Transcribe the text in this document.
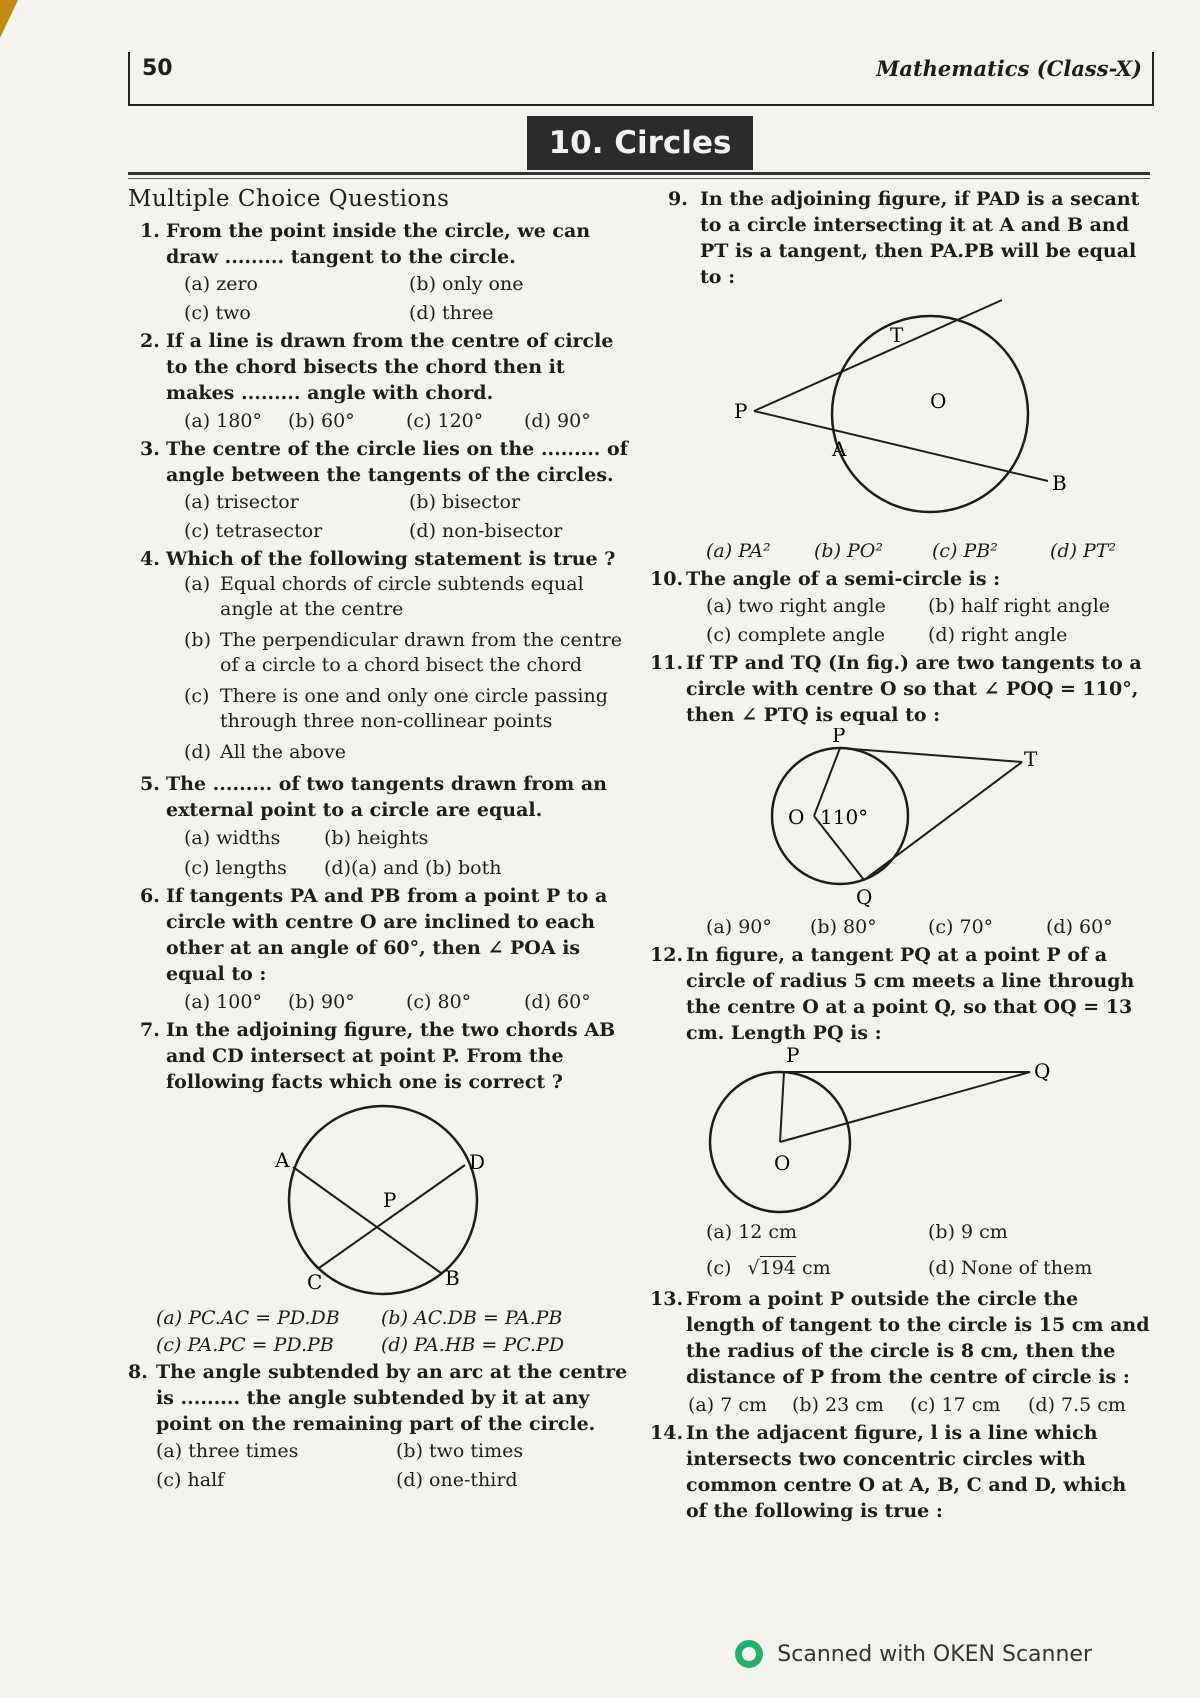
50	Mathematics (Class-X)
10. Circles
Multiple Choice Questions
1. From the point inside the circle, we can draw ......... tangent to the circle.
(a) zero	(b) only one
(c) two	(d) three
2. If a line is drawn from the centre of circle to the chord bisects the chord then it makes ......... angle with chord.
(a) 180°	(b) 60°	(c) 120°	(d) 90°
3. The centre of the circle lies on the ......... of angle between the tangents of the circles.
(a) trisector	(b) bisector
(c) tetrasector	(d) non-bisector
4. Which of the following statement is true ?
(a) Equal chords of circle subtends equal angle at the centre
(b) The perpendicular drawn from the centre of a circle to a chord bisect the chord
(c) There is one and only one circle passing through three non-collinear points
(d) All the above
5. The ......... of two tangents drawn from an external point to a circle are equal.
(a) widths	(b) heights
(c) lengths	(d)(a) and (b) both
6. If tangents PA and PB from a point P to a circle with centre O are inclined to each other at an angle of 60°, then ∠ POA is equal to :
(a) 100°	(b) 90°	(c) 80°	(d) 60°
7. In the adjoining figure, the two chords AB and CD intersect at point P. From the following facts which one is correct ?
A	D
P
C	B
(a) PC.AC = PD.DB	(b) AC.DB = PA.PB
(c) PA.PC = PD.PB	(d) PA.HB = PC.PD
8. The angle subtended by an arc at the centre is ......... the angle subtended by it at any point on the remaining part of the circle.
(a) three times	(b) two times
(c) half	(d) one-third
9. In the adjoining figure, if PAD is a secant to a circle intersecting it at A and B and PT is a tangent, then PA.PB will be equal to :
T
P	O
A
B
(a) PA²	(b) PO²	(c) PB²	(d) PT²
10. The angle of a semi-circle is :
(a) two right angle	(b) half right angle
(c) complete angle	(d) right angle
11. If TP and TQ (In fig.) are two tangents to a circle with centre O so that ∠ POQ = 110°, then ∠ PTQ is equal to :
P
T
O 110°
Q
(a) 90°	(b) 80°	(c) 70°	(d) 60°
12. In figure, a tangent PQ at a point P of a circle of radius 5 cm meets a line through the centre O at a point Q, so that OQ = 13 cm. Length PQ is :
P
Q
O
(a) 12 cm	(b) 9 cm
(c) √194 cm	(d) None of them
13. From a point P outside the circle the length of tangent to the circle is 15 cm and the radius of the circle is 8 cm, then the distance of P from the centre of circle is :
(a) 7 cm	(b) 23 cm	(c) 17 cm	(d) 7.5 cm
14. In the adjacent figure, l is a line which intersects two concentric circles with common centre O at A, B, C and D, which of the following is true :
Scanned with OKEN Scanner
